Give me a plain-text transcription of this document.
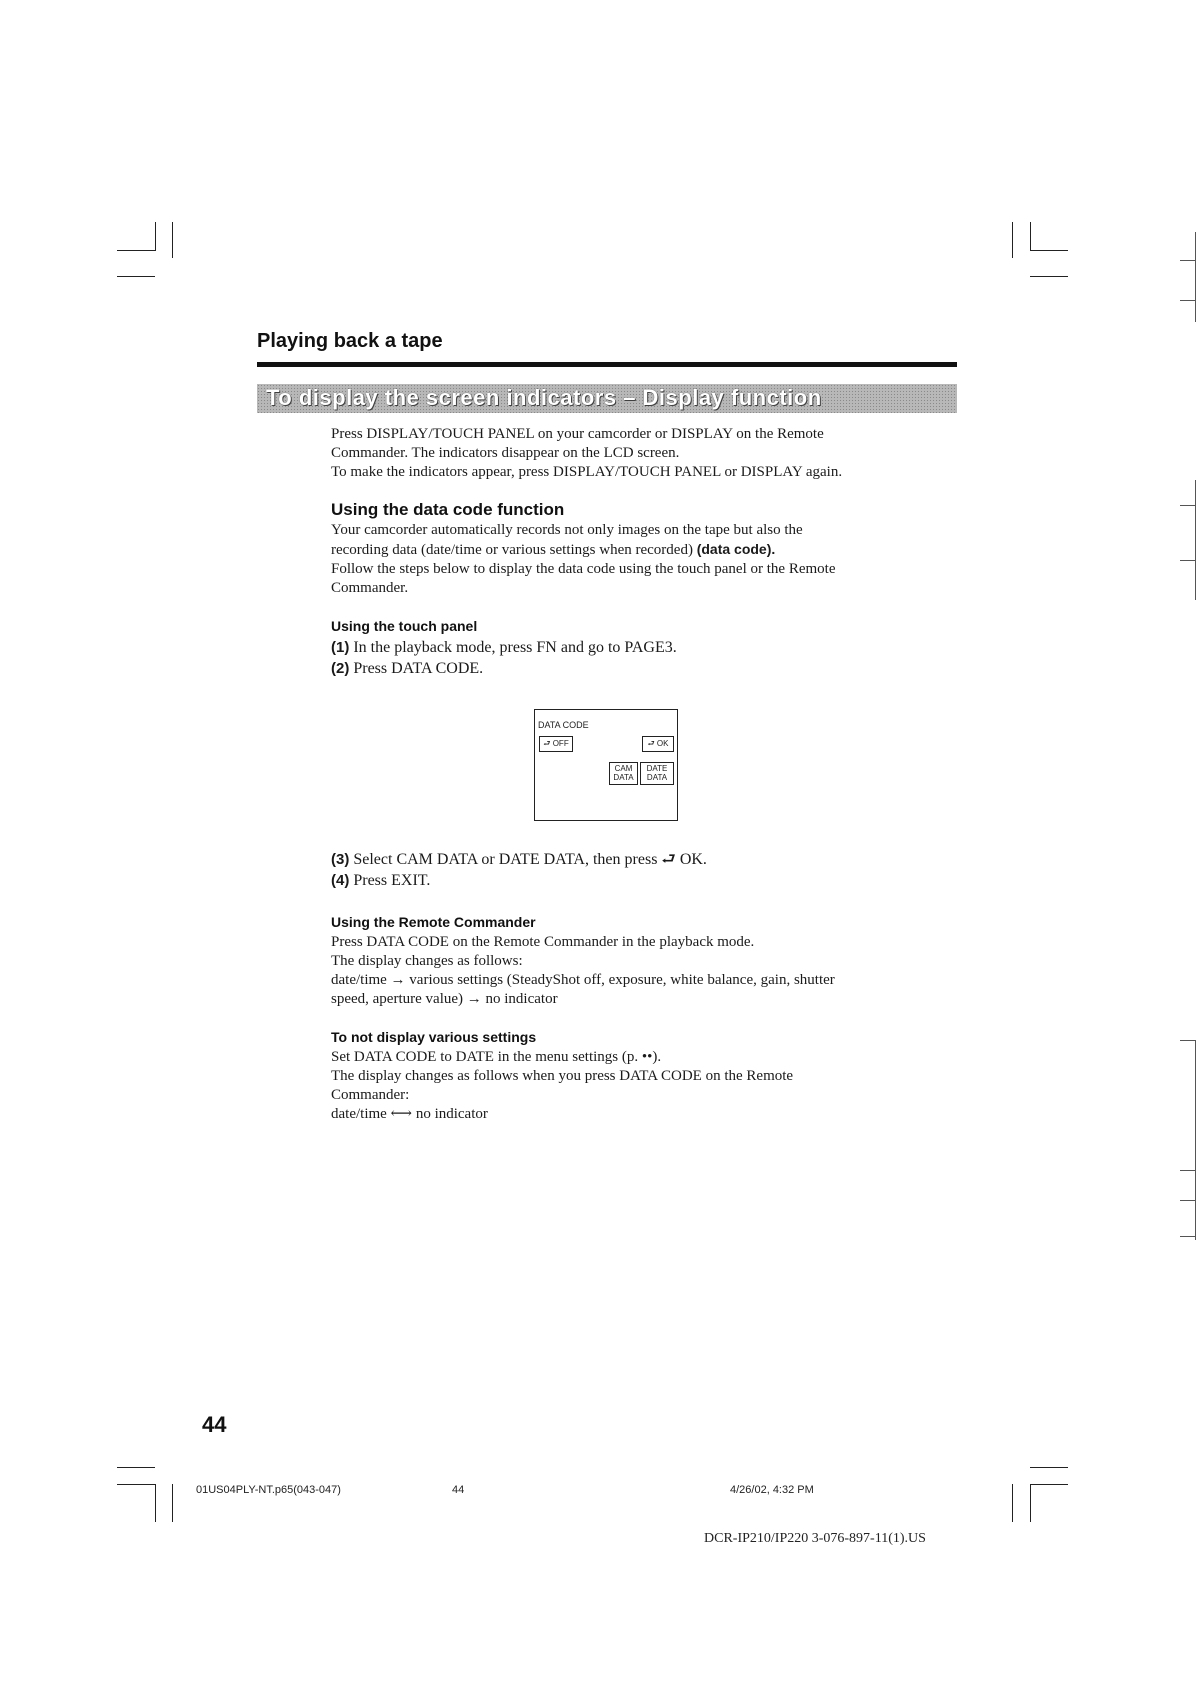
Playing back a tape
To display the screen indicators – Display function
Press DISPLAY/TOUCH PANEL on your camcorder or DISPLAY on the Remote
Commander. The indicators disappear on the LCD screen.
To make the indicators appear, press DISPLAY/TOUCH PANEL or DISPLAY again.
Using the data code function
Your camcorder automatically records not only images on the tape but also the
recording data (date/time or various settings when recorded) (data code).
Follow the steps below to display the data code using the touch panel or the Remote
Commander.
Using the touch panel
(1) In the playback mode, press FN and go to PAGE3.
(2) Press DATA CODE.
DATA CODE
⮐ OFF	⮐ OK
CAM DATA
DATE DATA
(3) Select CAM DATA or DATE DATA, then press ⮐ OK.
(4) Press EXIT.
Using the Remote Commander
Press DATA CODE on the Remote Commander in the playback mode.
The display changes as follows:
date/time → various settings (SteadyShot off, exposure, white balance, gain, shutter
speed, aperture value) → no indicator
To not display various settings
Set DATA CODE to DATE in the menu settings (p. ••).
The display changes as follows when you press DATA CODE on the Remote
Commander:
date/time ⟷ no indicator
44
01US04PLY-NT.p65(043-047)	44	4/26/02, 4:32 PM
DCR-IP210/IP220 3-076-897-11(1).US
